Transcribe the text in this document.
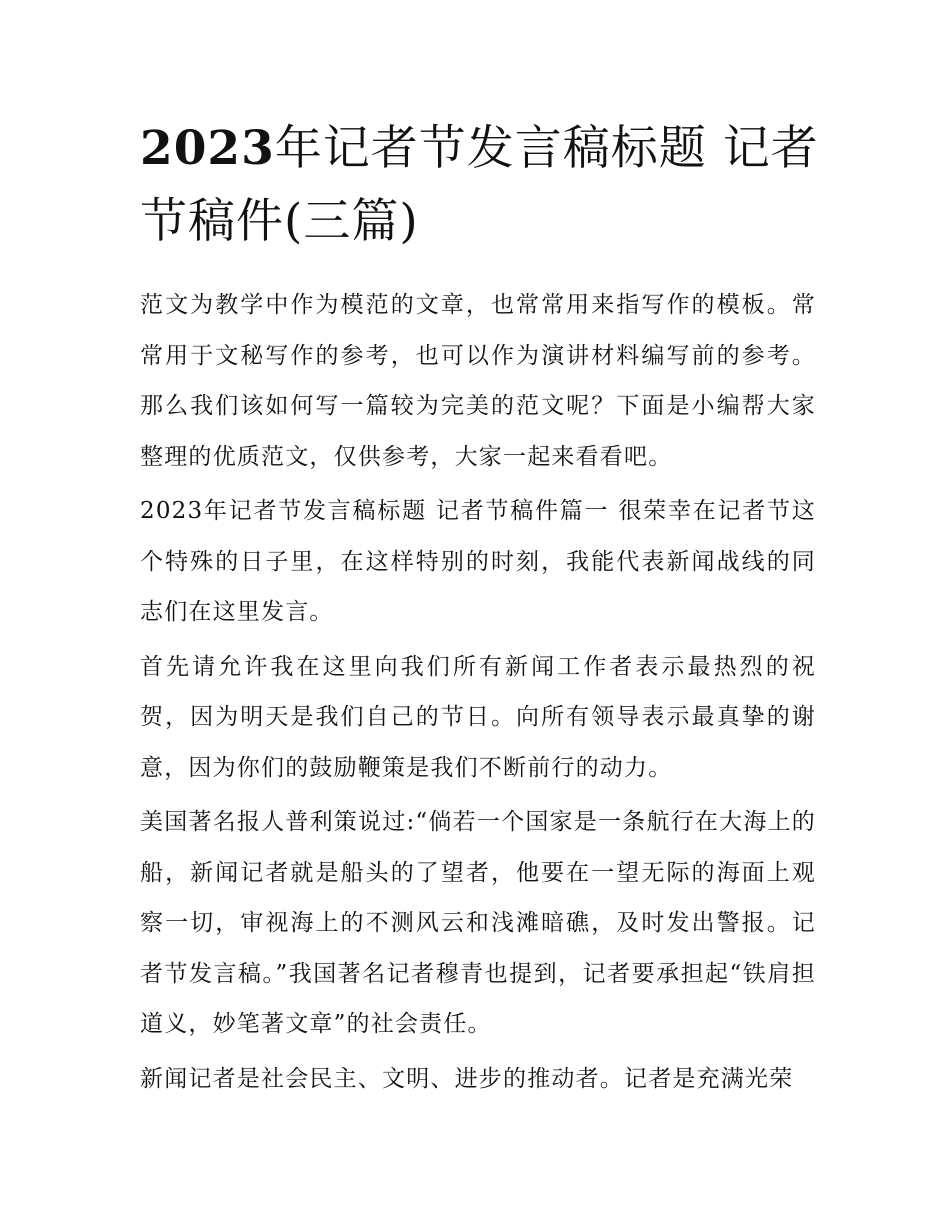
2023年记者节发言稿标题 记者节稿件(三篇)

范文为教学中作为模范的文章，也常常用来指写作的模板。常常用于文秘写作的参考，也可以作为演讲材料编写前的参考。那么我们该如何写一篇较为完美的范文呢？下面是小编帮大家整理的优质范文，仅供参考，大家一起来看看吧。

2023年记者节发言稿标题 记者节稿件篇一 很荣幸在记者节这个特殊的日子里，在这样特别的时刻，我能代表新闻战线的同志们在这里发言。

首先请允许我在这里向我们所有新闻工作者表示最热烈的祝贺，因为明天是我们自己的节日。向所有领导表示最真挚的谢意，因为你们的鼓励鞭策是我们不断前行的动力。

美国著名报人普利策说过:“倘若一个国家是一条航行在大海上的船，新闻记者就是船头的了望者，他要在一望无际的海面上观察一切，审视海上的不测风云和浅滩暗礁，及时发出警报。记者节发言稿。”我国著名记者穆青也提到，记者要承担起“铁肩担道义，妙笔著文章”的社会责任。

新闻记者是社会民主、文明、进步的推动者。记者是充满光荣
